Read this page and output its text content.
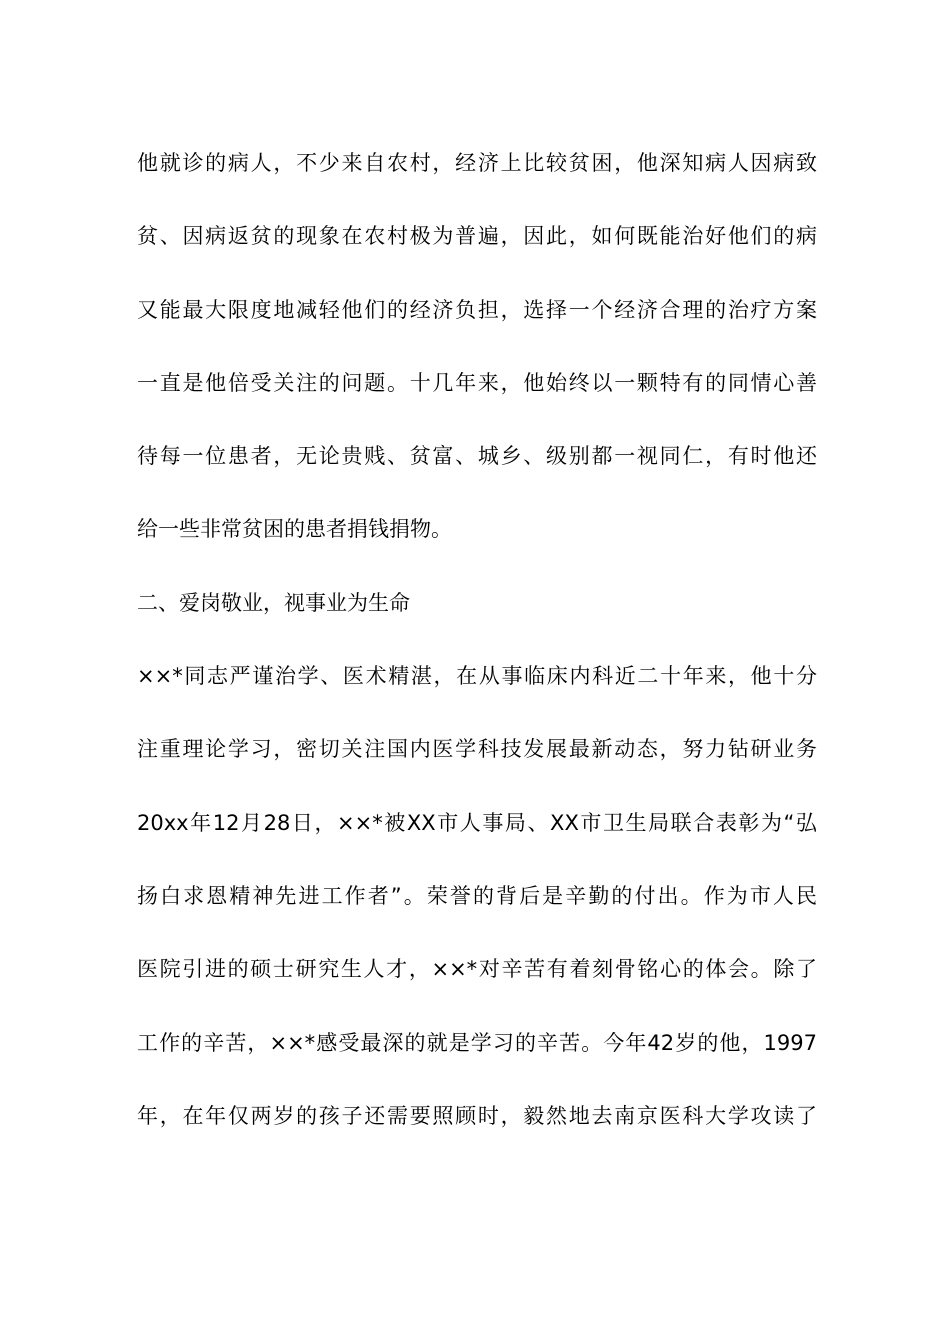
他就诊的病人，不少来自农村，经济上比较贫困，他深知病人因病致
贫、因病返贫的现象在农村极为普遍，因此，如何既能治好他们的病
又能最大限度地减轻他们的经济负担，选择一个经济合理的治疗方案
一直是他倍受关注的问题。十几年来，他始终以一颗特有的同情心善
待每一位患者，无论贵贱、贫富、城乡、级别都一视同仁，有时他还
给一些非常贫困的患者捐钱捐物。
二、爱岗敬业，视事业为生命
××*同志严谨治学、医术精湛，在从事临床内科近二十年来，他十分
注重理论学习，密切关注国内医学科技发展最新动态，努力钻研业务
20xx年12月28日，××*被XX市人事局、XX市卫生局联合表彰为“弘
扬白求恩精神先进工作者”。荣誉的背后是辛勤的付出。作为市人民
医院引进的硕士研究生人才，××*对辛苦有着刻骨铭心的体会。除了
工作的辛苦，××*感受最深的就是学习的辛苦。今年42岁的他，1997
年，在年仅两岁的孩子还需要照顾时，毅然地去南京医科大学攻读了
